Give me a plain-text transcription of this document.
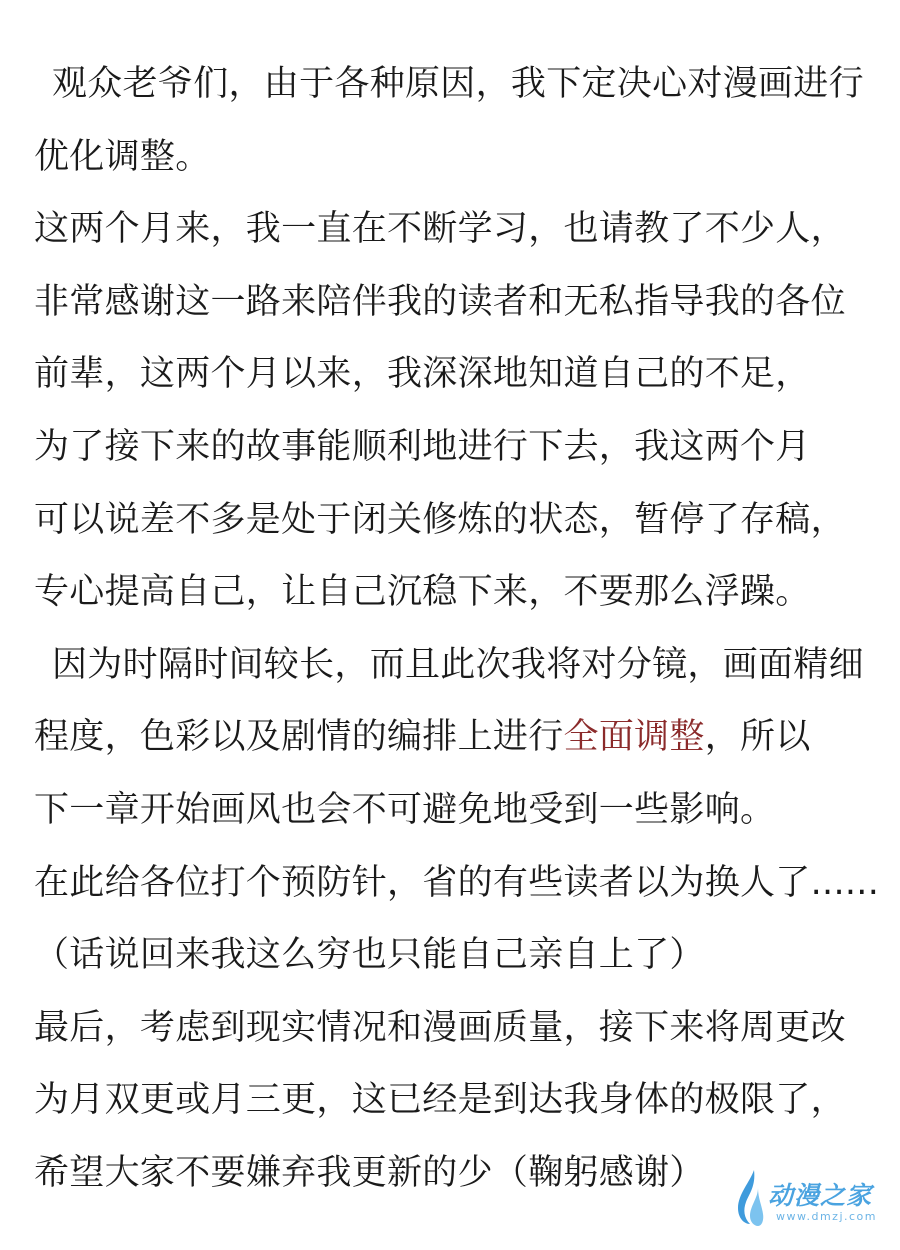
观众老爷们，由于各种原因，我下定决心对漫画进行
优化调整。
这两个月来，我一直在不断学习，也请教了不少人，
非常感谢这一路来陪伴我的读者和无私指导我的各位
前辈，这两个月以来，我深深地知道自己的不足，
为了接下来的故事能顺利地进行下去，我这两个月
可以说差不多是处于闭关修炼的状态，暂停了存稿，
专心提高自己，让自己沉稳下来，不要那么浮躁。
因为时隔时间较长，而且此次我将对分镜，画面精细
程度，色彩以及剧情的编排上进行全面调整，所以
下一章开始画风也会不可避免地受到一些影响。
在此给各位打个预防针，省的有些读者以为换人了......
（话说回来我这么穷也只能自己亲自上了）
最后，考虑到现实情况和漫画质量，接下来将周更改
为月双更或月三更，这已经是到达我身体的极限了，
希望大家不要嫌弃我更新的少（鞠躬感谢）
动漫之家
www.dmzj.com
